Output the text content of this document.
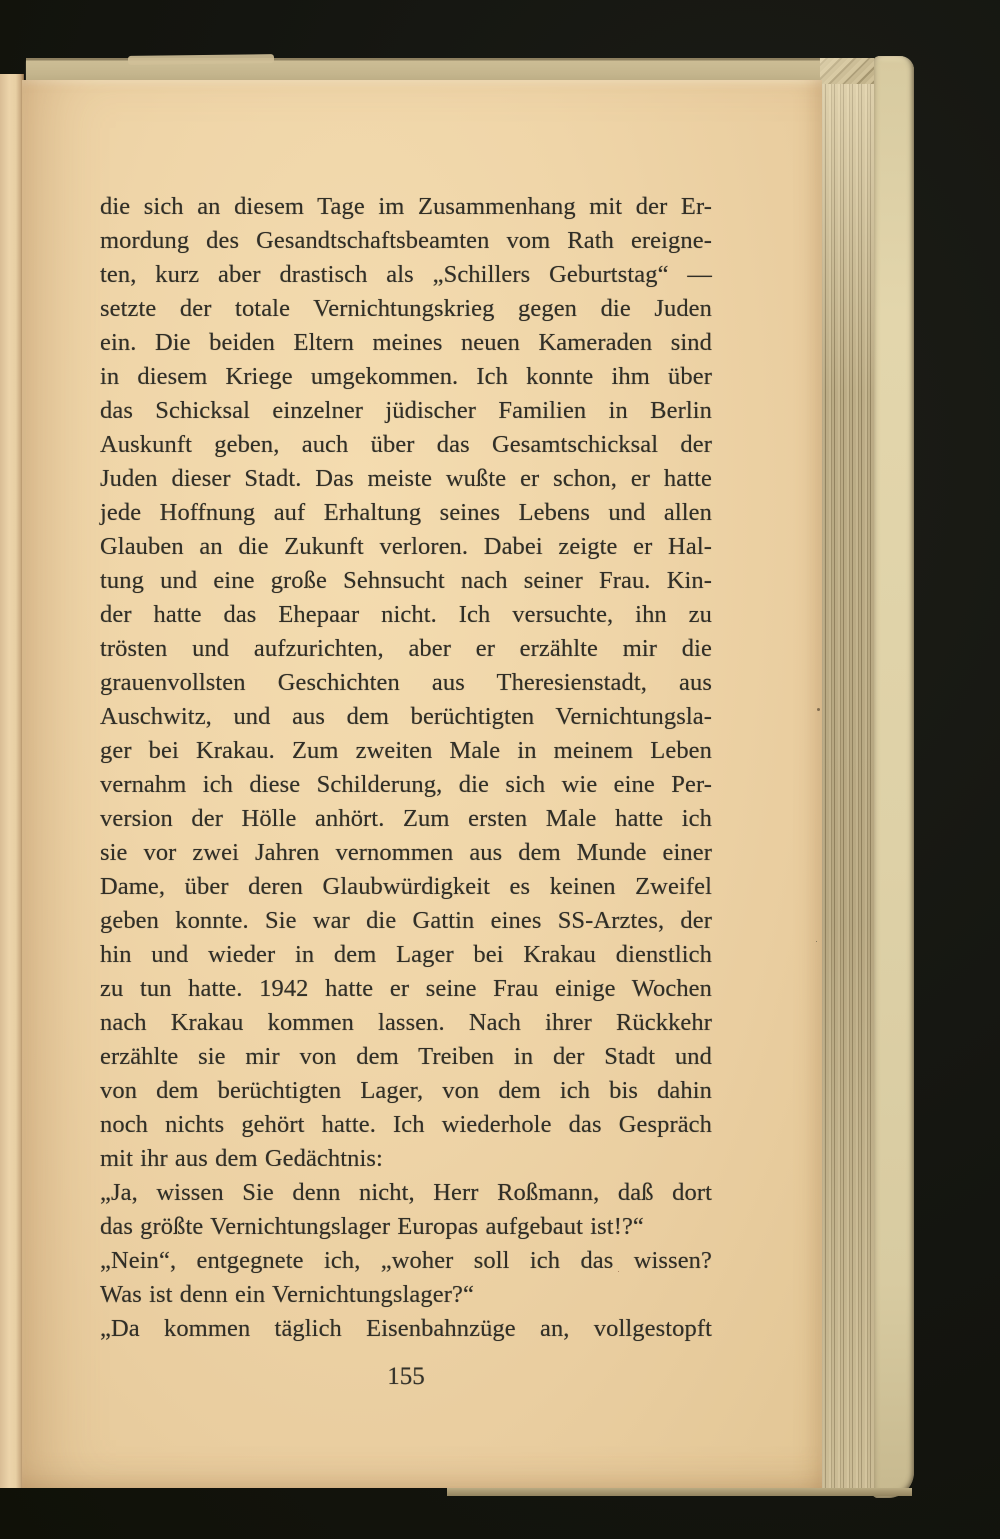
die sich an diesem Tage im Zusammenhang mit der Er-
mordung des Gesandtschaftsbeamten vom Rath ereigne-
ten, kurz aber drastisch als „Schillers Geburtstag“ —
setzte der totale Vernichtungskrieg gegen die Juden
ein. Die beiden Eltern meines neuen Kameraden sind
in diesem Kriege umgekommen. Ich konnte ihm über
das Schicksal einzelner jüdischer Familien in Berlin
Auskunft geben, auch über das Gesamtschicksal der
Juden dieser Stadt. Das meiste wußte er schon, er hatte
jede Hoffnung auf Erhaltung seines Lebens und allen
Glauben an die Zukunft verloren. Dabei zeigte er Hal-
tung und eine große Sehnsucht nach seiner Frau. Kin-
der hatte das Ehepaar nicht. Ich versuchte, ihn zu
trösten und aufzurichten, aber er erzählte mir die
grauenvollsten Geschichten aus Theresienstadt, aus
Auschwitz, und aus dem berüchtigten Vernichtungsla-
ger bei Krakau. Zum zweiten Male in meinem Leben
vernahm ich diese Schilderung, die sich wie eine Per-
version der Hölle anhört. Zum ersten Male hatte ich
sie vor zwei Jahren vernommen aus dem Munde einer
Dame, über deren Glaubwürdigkeit es keinen Zweifel
geben konnte. Sie war die Gattin eines SS-Arztes, der
hin und wieder in dem Lager bei Krakau dienstlich
zu tun hatte. 1942 hatte er seine Frau einige Wochen
nach Krakau kommen lassen. Nach ihrer Rückkehr
erzählte sie mir von dem Treiben in der Stadt und
von dem berüchtigten Lager, von dem ich bis dahin
noch nichts gehört hatte. Ich wiederhole das Gespräch
mit ihr aus dem Gedächtnis:
„Ja, wissen Sie denn nicht, Herr Roßmann, daß dort
das größte Vernichtungslager Europas aufgebaut ist!?“
„Nein“, entgegnete ich, „woher soll ich das wissen?
Was ist denn ein Vernichtungslager?“
„Da kommen täglich Eisenbahnzüge an, vollgestopft
155
